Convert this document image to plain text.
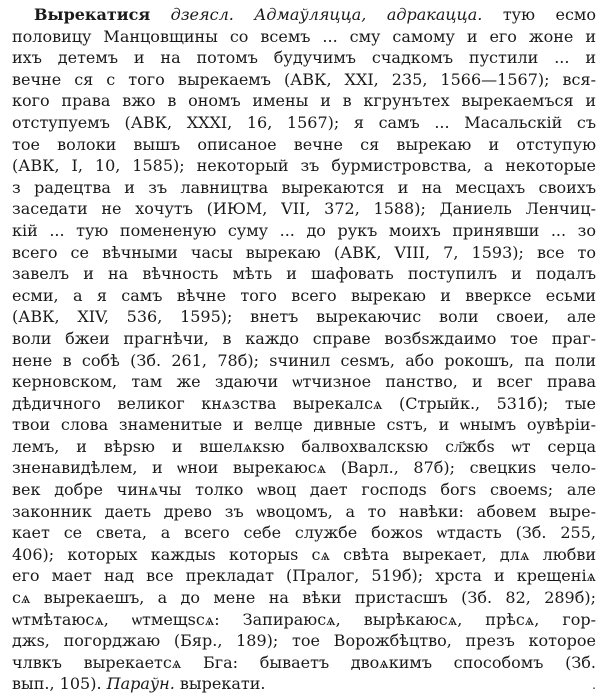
Вырекатися дзеясл. Адмаўляцца, адракацца. тую есмо
половицу Манцовщины со всемъ ... сму самому и его жоне и
ихъ детемъ и на потомъ будучимъ счадкомъ пустили ... и
вечне ся с того вырекаемъ (АВК, XXI, 235, 1566—1567); вся-
кого права вжо в ономъ имены и в кгрунътех вырекаемъся и
отступуемъ (АВК, XXXI, 16, 1567); я самъ ... Масальскій съ
тое волоки вышъ описаное вечне ся вырекаю и отступую
(АВК, I, 10, 1585); некоторый зъ бурмистровства, а некоторые
з радецтва и зъ лавництва вырекаются и на месцахъ своихъ
заседати не хочутъ (ИЮМ, VII, 372, 1588); Даниель Ленчиц-
кій ... тую помененую суму ... до рукъ моихъ принявши ... зо
всего се вѣчными часы вырекаю (АВК, VIII, 7, 1593); все то
завелъ и на вѣчность мѣть и шафовать поступилъ и подалъ
есми, а я самъ вѣчне того всего вырекаю и вверксе есьми
(АВК, XIV, 536, 1595); внетъ вырекаючис воли своеи, але
воли бжеи прагнѣчи, в каждо справе возбѕждаимо тое праг-
нене в собѣ (Зб. 261, 78б); ѕчинил сеѕмъ, або рокошъ, па поли
керновском, там же здаючи ѡтчизное панство, и всег права
дѣдичного великог кнѧзства вырекалсѧ (Стрыйк., 531б); тые
твои слова знаменитые и велце дивные сѕтъ, и ѡнымъ оувѣріи-
лемъ, и вѣрѕю и вшелѧкѕю балвохвалскѕю сл҃жбѕ ѡт серца
зненавидѣлем, и ѡнои вырекаюсѧ (Варл., 87б); свецкиѕ чело-
век добре чинѧчы толко ѡвоц дает господѕ богѕ своемѕ; але
законник даеть древо зъ ѡвоцомъ, а то навѣки: абовем выре-
кает се света, а всего себе службе божоѕ ѡтдасть (Зб. 255,
406); которых каждыѕ которыѕ сѧ свѣта вырекает, длѧ любви
его мает над все прекладат (Пралог, 519б); хрста и крещеніѧ
сѧ вырекаешъ, а до мене на вѣки пристасшъ (Зб. 82, 289б);
ѡтмѣтаюсѧ, ѡтмещѕсѧ: Запираюсѧ, вырѣкаюсѧ, прѣсѧ, гор-
джѕ, погорджаю (Бяр., 189); тое Ворожбѣцтво, презъ которое
члвкъ вырекаетсѧ Бга: бываетъ двоѧкимъ способомъ (Зб.
вып., 105). Параўн. вырекати.	.
